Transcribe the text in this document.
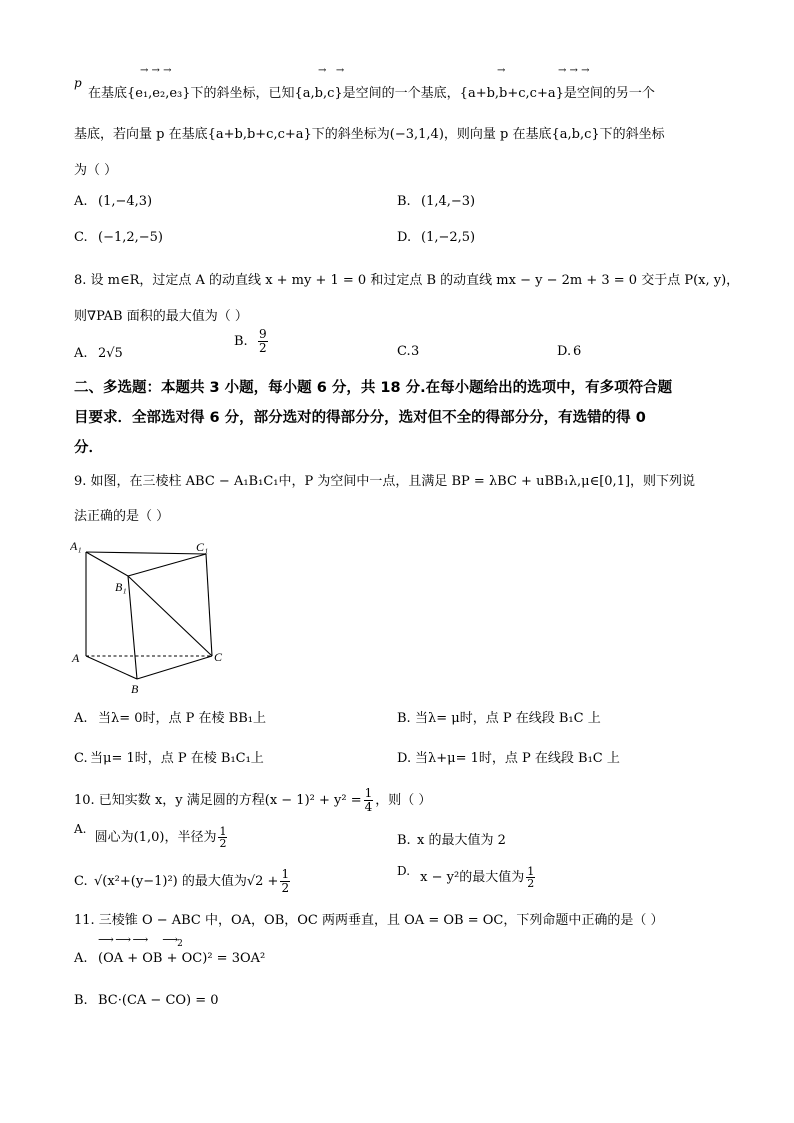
→ → →	→   →	→	→ → →
p
在基底{e₁,e₂,e₃}下的斜坐标，已知{a,b,c}是空间的一个基底，{a+b,b+c,c+a}是空间的另一个
基底，若向量 p 在基底{a+b,b+c,c+a}下的斜坐标为(−3,1,4)，则向量 p 在基底{a,b,c}下的斜坐标
为（ ）
A. (1,−4,3)	B. (1,4,−3)
C. (−1,2,−5)	D. (1,−2,5)
8. 设 m∈R，过定点 A 的动直线 x + my + 1 = 0 和过定点 B 的动直线 mx − y − 2m + 3 = 0 交于点 P(x, y)，
则∇PAB 面积的最大值为（ ）
A. 2√5
B. $\frac{9}{2}$	C.3	D. 6
二、多选题：本题共 3 小题，每小题 6 分，共 18 分.在每小题给出的选项中，有多项符合题
目要求．全部选对得 6 分，部分选对的得部分分，选对但不全的得部分分，有选错的得 0
分．
9. 如图，在三棱柱 ABC − A₁B₁C₁中，P 为空间中一点，且满足 BP = λBC + uBB₁λ,μ∈[0,1]，则下列说
法正确的是（ ）
A₁	C₁
B₁
A
B
C
A. 当λ= 0时，点 P 在棱 BB₁上	B. 当λ= μ时，点 P 在线段 B₁C 上
C. 当μ= 1时，点 P 在棱 B₁C₁上	D. 当λ+μ= 1时，点 P 在线段 B₁C 上
10. 已知实数 x，y 满足圆的方程$(x - 1)^2 + y^2 = \frac{1}{4}$ ，则（ ）
A. 圆心为(1,0)，半径为 $\frac{1}{2}$	B. x 的最大值为 2
C. √(x²+(y−1)²) 的最大值为$√2 + \frac{1}{2}$	D. x − y²的最大值为 $\frac{1}{2}$
11. 三棱锥 O − ABC 中，OA，OB，OC 两两垂直，且 OA = OB = OC，下列命题中正确的是（ ）
⟶ ⟶ ⟶      $⟶_2$
A. (OA + OB + OC)² = 3OA²
B. BC·(CA − CO) = 0
